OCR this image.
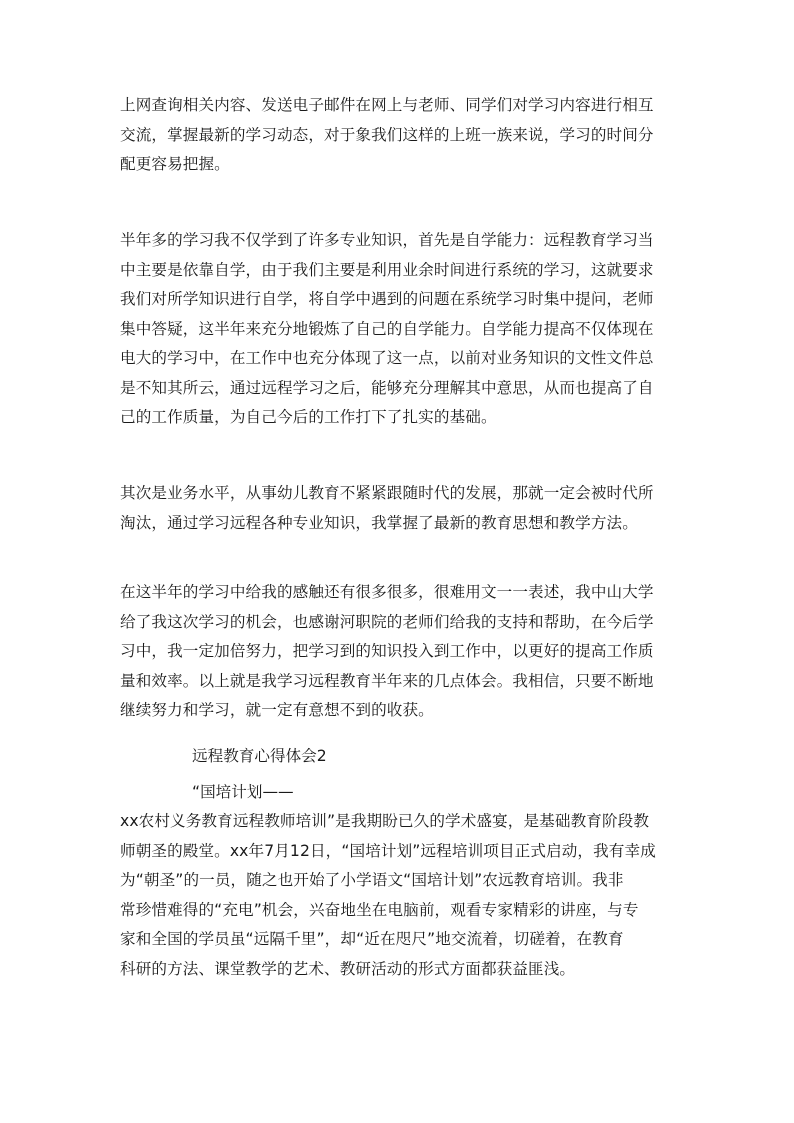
上网查询相关内容、发送电子邮件在网上与老师、同学们对学习内容进行相互
交流，掌握最新的学习动态，对于象我们这样的上班一族来说，学习的时间分
配更容易把握。

半年多的学习我不仅学到了许多专业知识，首先是自学能力：远程教育学习当
中主要是依靠自学，由于我们主要是利用业余时间进行系统的学习，这就要求
我们对所学知识进行自学，将自学中遇到的问题在系统学习时集中提问，老师
集中答疑，这半年来充分地锻炼了自己的自学能力。自学能力提高不仅体现在
电大的学习中，在工作中也充分体现了这一点，以前对业务知识的文性文件总
是不知其所云，通过远程学习之后，能够充分理解其中意思，从而也提高了自
己的工作质量，为自己今后的工作打下了扎实的基础。

其次是业务水平，从事幼儿教育不紧紧跟随时代的发展，那就一定会被时代所
淘汰，通过学习远程各种专业知识，我掌握了最新的教育思想和教学方法。

在这半年的学习中给我的感触还有很多很多，很难用文一一表述，我中山大学
给了我这次学习的机会，也感谢河职院的老师们给我的支持和帮助，在今后学
习中，我一定加倍努力，把学习到的知识投入到工作中，以更好的提高工作质
量和效率。以上就是我学习远程教育半年来的几点体会。我相信，只要不断地
继续努力和学习，就一定有意想不到的收获。

远程教育心得体会2

“国培计划——

xx农村义务教育远程教师培训”是我期盼已久的学术盛宴，是基础教育阶段教
师朝圣的殿堂。xx年7月12日，“国培计划”远程培训项目正式启动，我有幸成
为“朝圣”的一员，随之也开始了小学语文“国培计划”农远教育培训。我非
常珍惜难得的“充电”机会，兴奋地坐在电脑前，观看专家精彩的讲座，与专
家和全国的学员虽“远隔千里”，却“近在咫尺”地交流着，切磋着，在教育
科研的方法、课堂教学的艺术、教研活动的形式方面都获益匪浅。
